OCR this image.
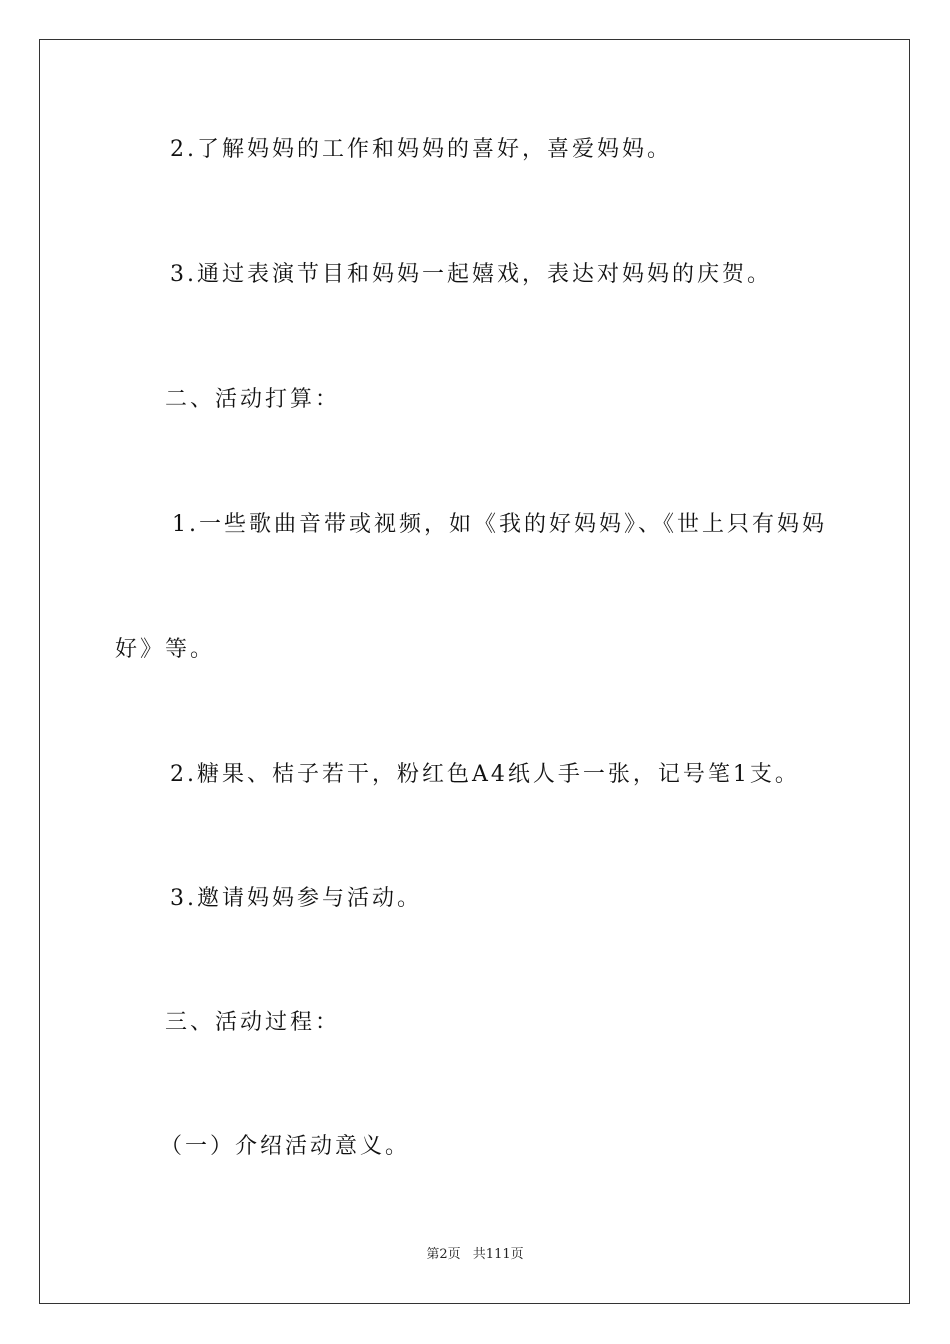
2.了解妈妈的工作和妈妈的喜好，喜爱妈妈。
3.通过表演节目和妈妈一起嬉戏，表达对妈妈的庆贺。
二、活动打算：
1.一些歌曲音带或视频，如《我的好妈妈》、《世上只有妈妈
好》等。
2.糖果、桔子若干，粉红色A4纸人手一张，记号笔1支。
3.邀请妈妈参与活动。
三、活动过程：
（一）介绍活动意义。
第2页 共111页
